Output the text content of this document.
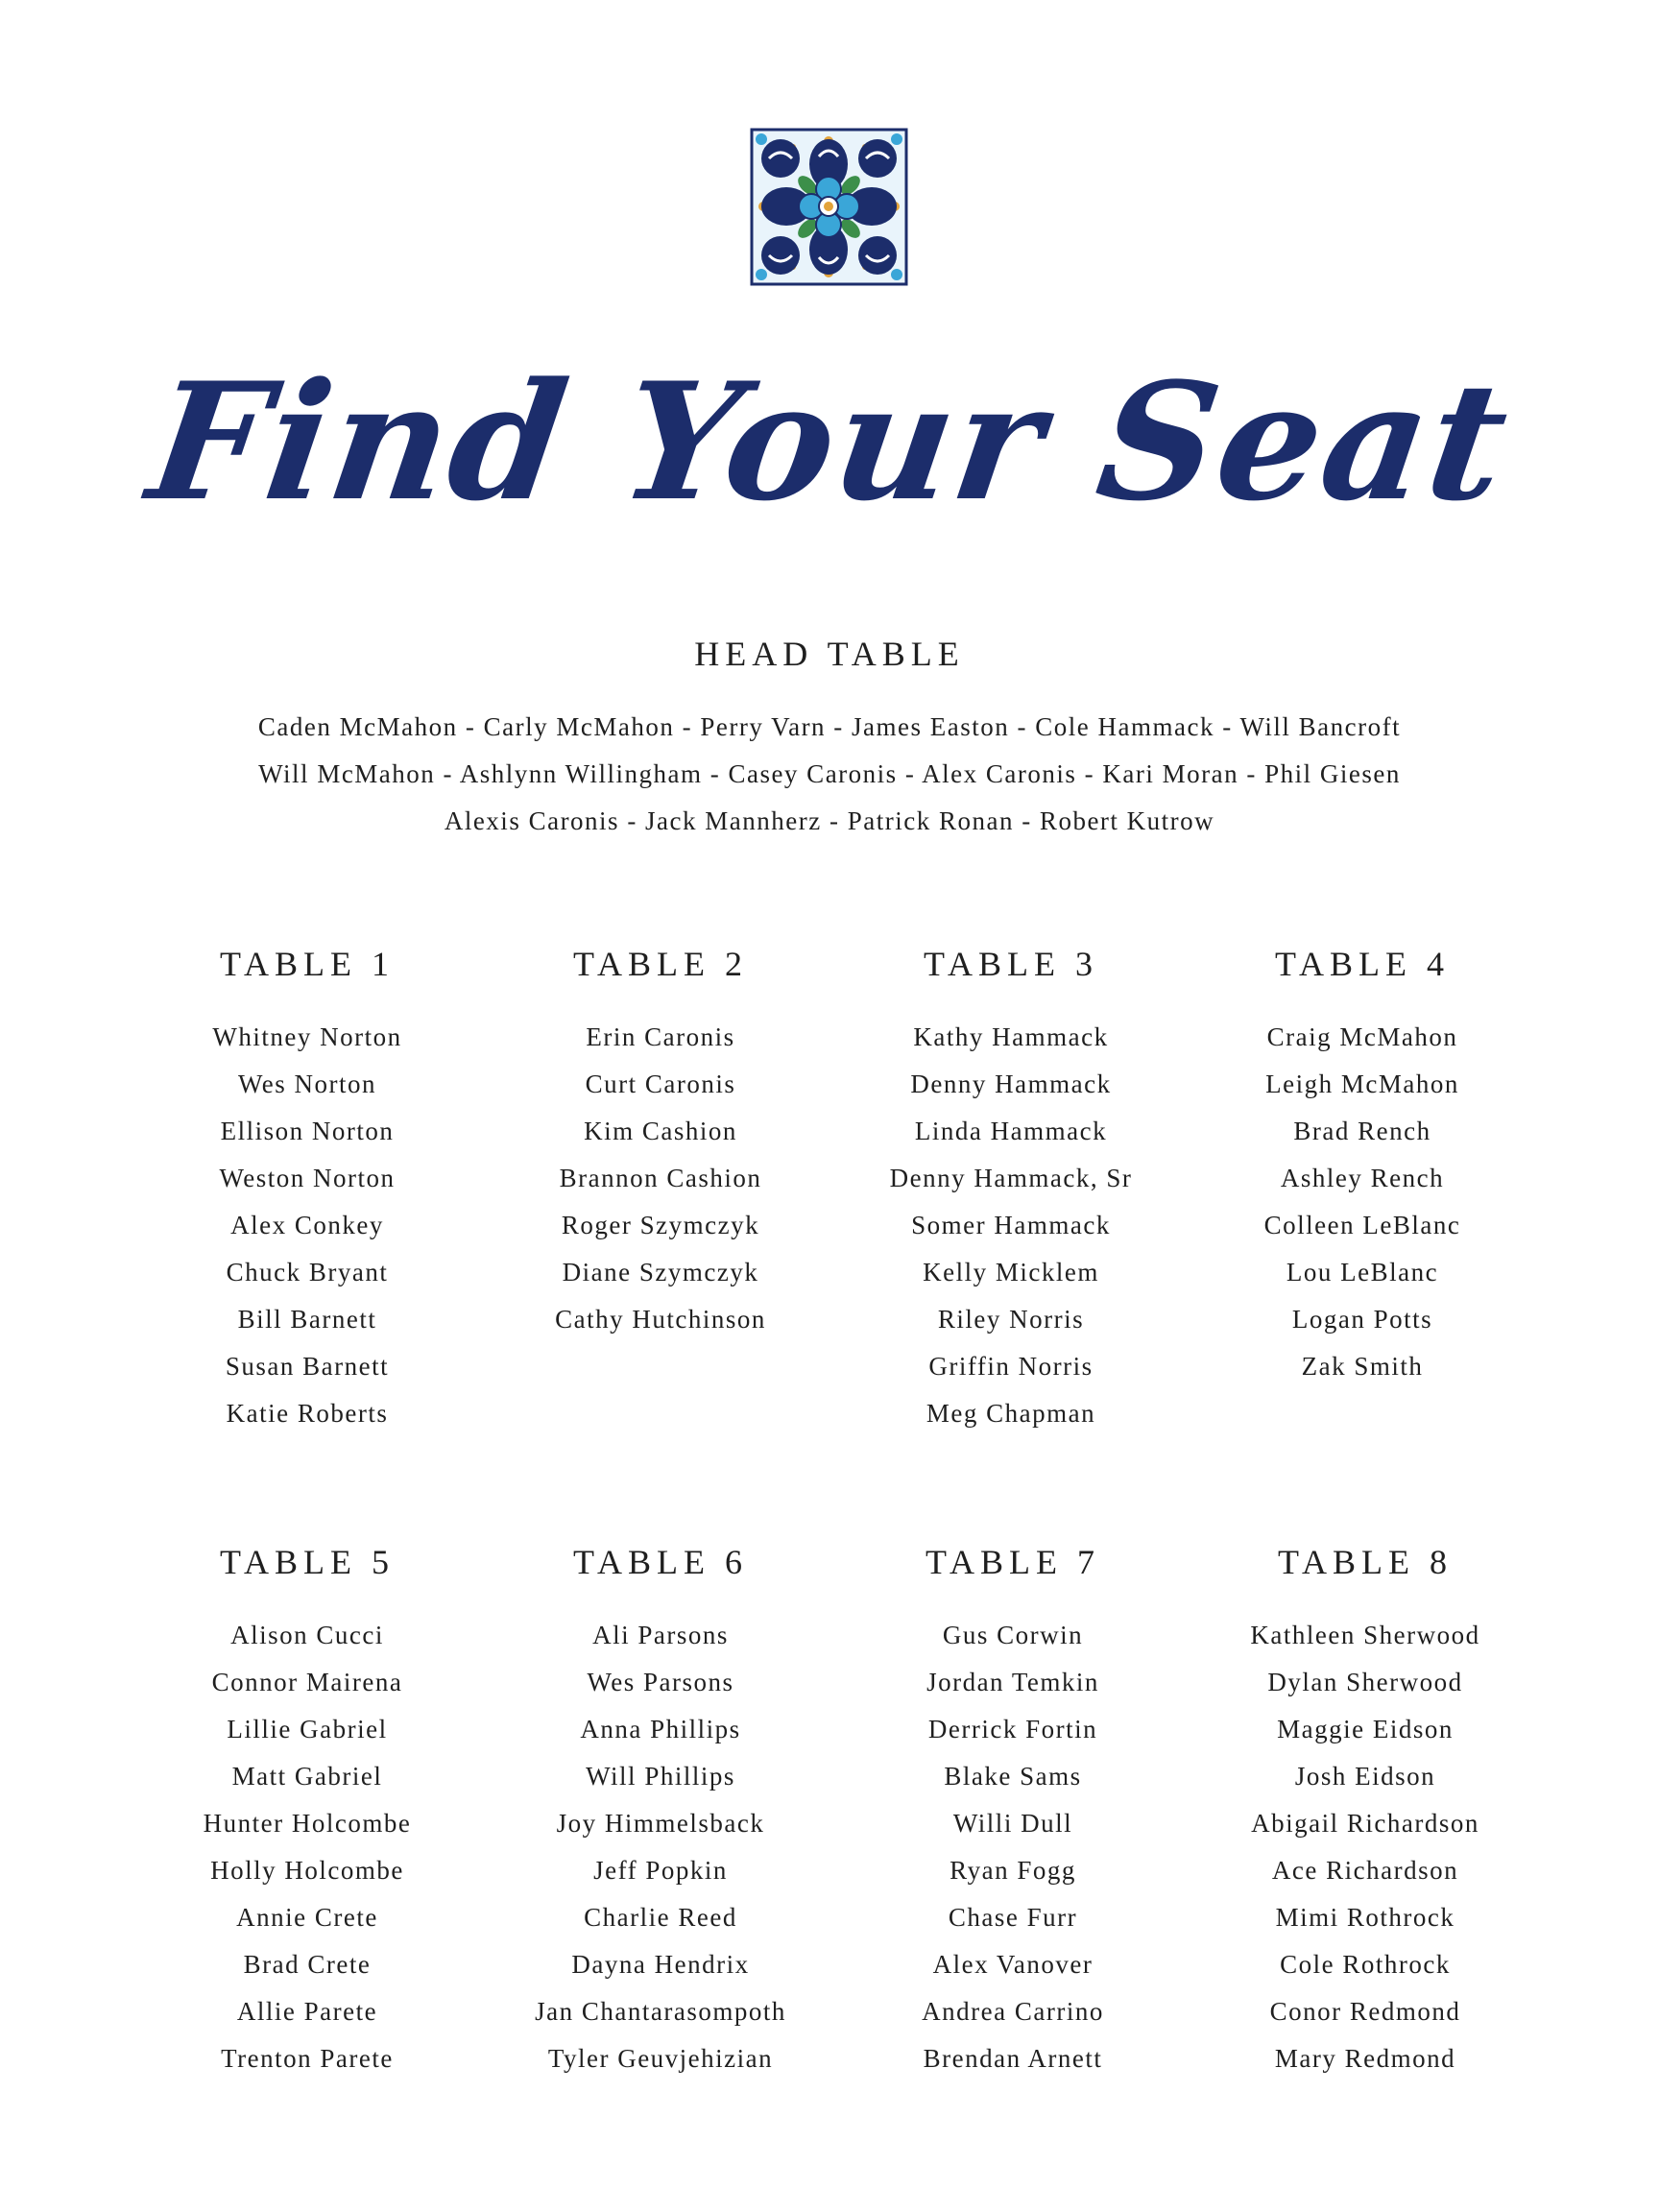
Find Your Seat
HEAD TABLE
Caden McMahon - Carly McMahon - Perry Varn - James Easton - Cole Hammack - Will Bancroft
Will McMahon - Ashlynn Willingham - Casey Caronis - Alex Caronis - Kari Moran - Phil Giesen
Alexis Caronis - Jack Mannherz - Patrick Ronan - Robert Kutrow
TABLE 1
Whitney Norton
Wes Norton
Ellison Norton
Weston Norton
Alex Conkey
Chuck Bryant
Bill Barnett
Susan Barnett
Katie Roberts
TABLE 2
Erin Caronis
Curt Caronis
Kim Cashion
Brannon Cashion
Roger Szymczyk
Diane Szymczyk
Cathy Hutchinson
TABLE 3
Kathy Hammack
Denny Hammack
Linda Hammack
Denny Hammack, Sr
Somer Hammack
Kelly Micklem
Riley Norris
Griffin Norris
Meg Chapman
TABLE 4
Craig McMahon
Leigh McMahon
Brad Rench
Ashley Rench
Colleen LeBlanc
Lou LeBlanc
Logan Potts
Zak Smith
TABLE 5
Alison Cucci
Connor Mairena
Lillie Gabriel
Matt Gabriel
Hunter Holcombe
Holly Holcombe
Annie Crete
Brad Crete
Allie Parete
Trenton Parete
TABLE 6
Ali Parsons
Wes Parsons
Anna Phillips
Will Phillips
Joy Himmelsback
Jeff Popkin
Charlie Reed
Dayna Hendrix
Jan Chantarasompoth
Tyler Geuvjehizian
TABLE 7
Gus Corwin
Jordan Temkin
Derrick Fortin
Blake Sams
Willi Dull
Ryan Fogg
Chase Furr
Alex Vanover
Andrea Carrino
Brendan Arnett
TABLE 8
Kathleen Sherwood
Dylan Sherwood
Maggie Eidson
Josh Eidson
Abigail Richardson
Ace Richardson
Mimi Rothrock
Cole Rothrock
Conor Redmond
Mary Redmond
